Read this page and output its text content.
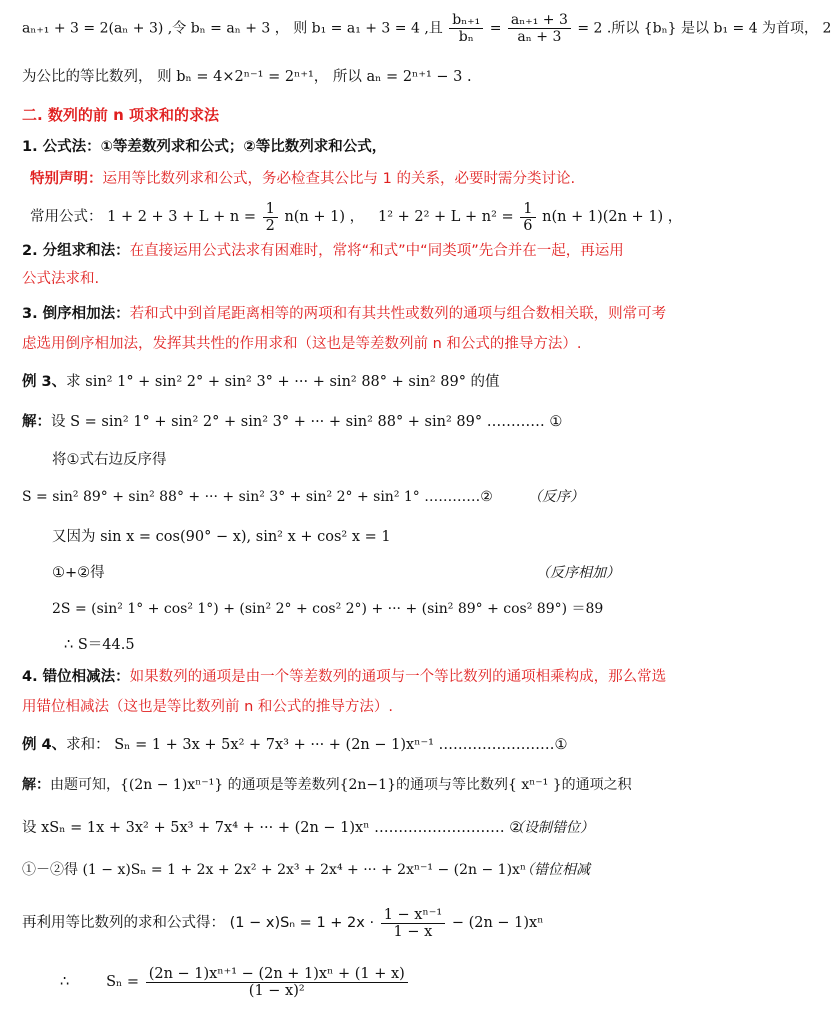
aₙ₊₁ + 3 = 2(aₙ + 3) ,令 bₙ = aₙ + 3 ， 则 b₁ = a₁ + 3 = 4 ,且 $\frac{\text{bₙ₊₁}}{\text{bₙ}} = \frac{\text{aₙ₊₁ + 3}}{\text{aₙ + 3}} = 2$ .所以 {bₙ} 是以 b₁ = 4 为首项， 2
为公比的等比数列， 则 bₙ = 4×2ⁿ⁻¹ = 2ⁿ⁺¹， 所以 aₙ = 2ⁿ⁺¹ − 3 .
二. 数列的前 n 项求和的求法
1. 公式法：①等差数列求和公式；②等比数列求和公式，
特别声明：运用等比数列求和公式，务必检查其公比与 1 的关系，必要时需分类讨论.
常用公式： $1 + 2 + 3 + L + n = \frac{1}{2} n(n + 1)$ ， $1^2 + 2^2 + L + n^2 = \frac{1}{6} n(n + 1)(2n + 1)$ ，
2. 分组求和法：在直接运用公式法求有困难时，常将“和式”中“同类项”先合并在一起，再运用
公式法求和.
3. 倒序相加法：若和式中到首尾距离相等的两项和有其共性或数列的通项与组合数相关联，则常可考
虑选用倒序相加法，发挥其共性的作用求和（这也是等差数列前 n 和公式的推导方法）.
例 3、求 sin² 1° + sin² 2° + sin² 3° + ··· + sin² 88° + sin² 89° 的值
解：设 S = sin² 1° + sin² 2° + sin² 3° + ··· + sin² 88° + sin² 89° ………… ①
将①式右边反序得
S = sin² 89° + sin² 88° + ··· + sin² 3° + sin² 2° + sin² 1° …………②	（反序）
又因为 sin x = cos(90° − x), sin² x + cos² x = 1
①+②得	（反序相加）
2S = (sin² 1° + cos² 1°) + (sin² 2° + cos² 2°) + ··· + (sin² 89° + cos² 89°) ＝89
∴ S＝44.5
4. 错位相减法：如果数列的通项是由一个等差数列的通项与一个等比数列的通项相乘构成，那么常选
用错位相减法（这也是等比数列前 n 和公式的推导方法）.
例 4、求和： Sₙ = 1 + 3x + 5x² + 7x³ + ··· + (2n − 1)xⁿ⁻¹ ……………………①
解：由题可知，{(2n − 1)xⁿ⁻¹} 的通项是等差数列{2n−1}的通项与等比数列{ xⁿ⁻¹ }的通项之积
设 xSₙ = 1x + 3x² + 5x³ + 7x⁴ + ··· + (2n − 1)xⁿ ……………………… ②
（设制错位）
①－②得 (1 − x)Sₙ = 1 + 2x + 2x² + 2x³ + 2x⁴ + ··· + 2xⁿ⁻¹ − (2n − 1)xⁿ
（错位相减
再利用等比数列的求和公式得： $(1 - x)S_n = 1 + 2x \cdot \frac{\text{1 − xⁿ⁻¹}}{1 - x} - (2n - 1)x^n$
∴	$S_n = \frac{\text{(2n − 1)xⁿ⁺¹ − (2n + 1)xⁿ + (1 + x)}}{\text{(1 − x)²}}$
